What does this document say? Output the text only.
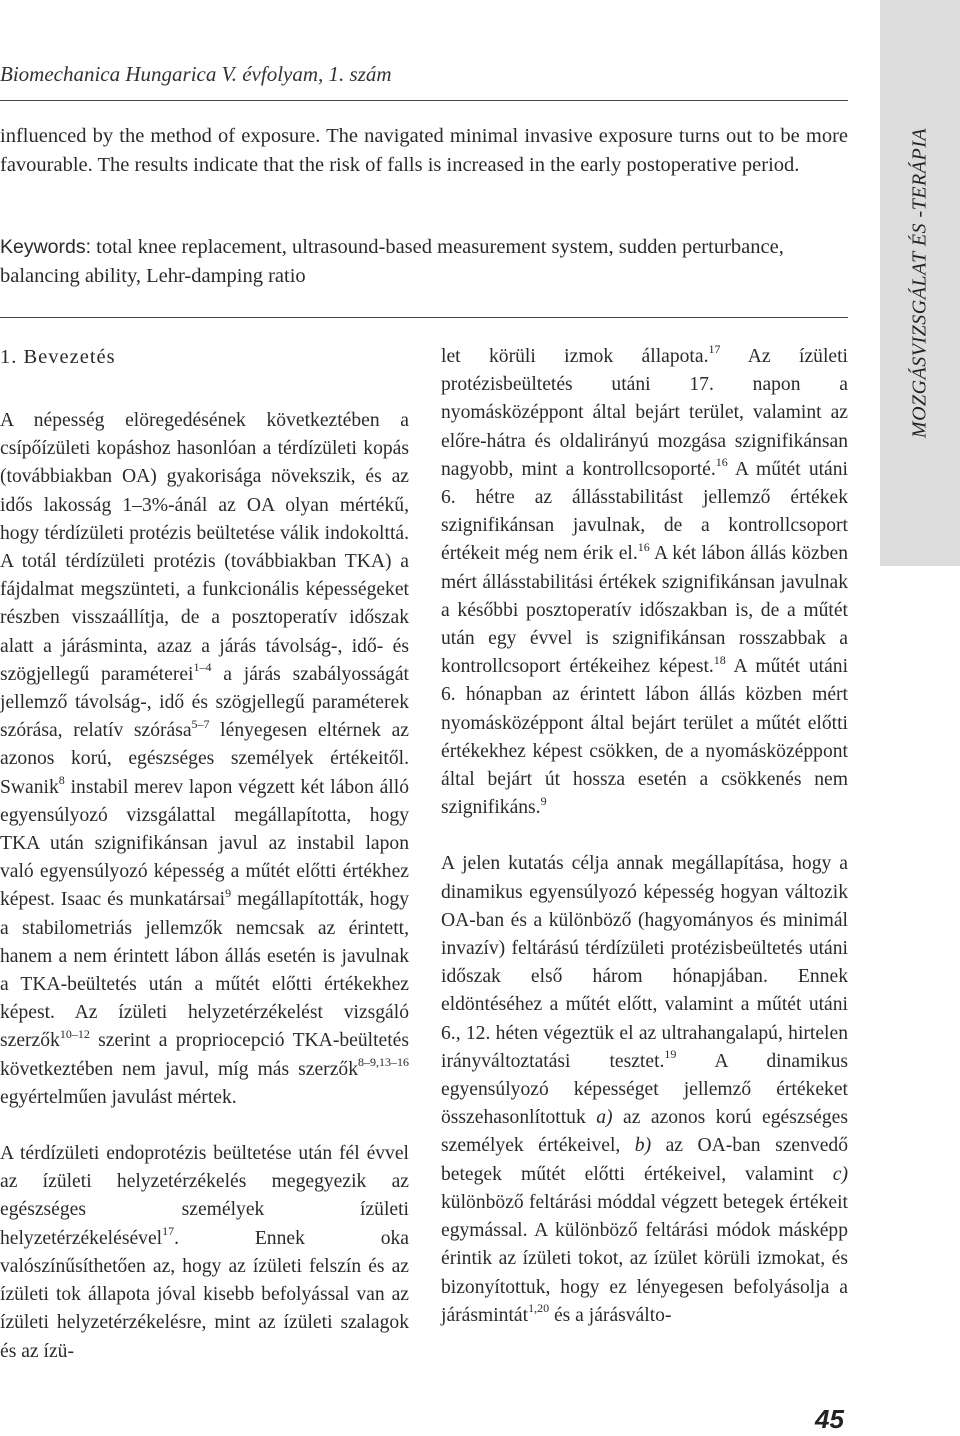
Biomechanica Hungarica V. évfolyam, 1. szám
influenced by the method of exposure. The navigated minimal invasive exposure turns out to be more favourable. The results indicate that the risk of falls is increased in the early postoperative period.
Keywords: total knee replacement, ultrasound-based measurement system, sudden perturbance, balancing ability, Lehr-damping ratio
1. Bevezetés

A népesség elöregedésének következtében a csípőízületi kopáshoz hasonlóan a térdízületi kopás (továbbiakban OA) gyakorisága növekszik, és az idős lakosság 1–3%-ánál az OA olyan mértékű, hogy térdízületi protézis beültetése válik indokolttá. A totál térdízületi protézis (továbbiakban TKA) a fájdalmat megszünteti, a funkcionális képességeket részben visszaállítja, de a posztoperatív időszak alatt a járásminta, azaz a járás távolság-, idő- és szögjellegű paraméterei$^{1-4}$ a járás szabályosságát jellemző távolság-, idő és szögjellegű paraméterek szórása, relatív szórása$^{5-7}$ lényegesen eltérnek az azonos korú, egészséges személyek értékeitől. Swanik$^8$ instabil merev lapon végzett két lábon álló egyensúlyozó vizsgálattal megállapította, hogy TKA után szignifikánsan javul az instabil lapon való egyensúlyozó képesség a műtét előtti értékhez képest. Isaac és munkatársai$^9$ megállapították, hogy a stabilometriás jellemzők nemcsak az érintett, hanem a nem érintett lábon állás esetén is javulnak a TKA-beültetés után a műtét előtti értékekhez képest. Az ízületi helyzetérzékelést vizsgáló szerzők$^{10-12}$ szerint a propriocepció TKA-beültetés következtében nem javul, míg más szerzők$^{8-9,13-16}$ egyértelműen javulást mértek.

A térdízületi endoprotézis beültetése után fél évvel az ízületi helyzetérzékelés megegyezik az egészséges személyek ízületi helyzetérzékelésével$^{17}$. Ennek oka valószínűsíthetően az, hogy az ízületi felszín és az ízületi tok állapota jóval kisebb befolyással van az ízületi helyzetérzékelésre, mint az ízületi szalagok és az ízü-

let körüli izmok állapota.$^{17}$ Az ízületi protézisbeültetés utáni 17. napon a nyomásközéppont által bejárt terület, valamint az előre-hátra és oldalirányú mozgása szignifikánsan nagyobb, mint a kontrollcsoporté.$^{16}$ A műtét utáni 6. hétre az állásstabilitást jellemző értékek szignifikánsan javulnak, de a kontrollcsoport értékeit még nem érik el.$^{16}$ A két lábon állás közben mért állásstabilitási értékek szignifikánsan javulnak a későbbi posztoperatív időszakban is, de a műtét után egy évvel is szignifikánsan rosszabbak a kontrollcsoport értékeihez képest.$^{18}$ A műtét utáni 6. hónapban az érintett lábon állás közben mért nyomásközéppont által bejárt terület a műtét előtti értékekhez képest csökken, de a nyomásközéppont által bejárt út hossza esetén a csökkenés nem szignifikáns.$^9$

A jelen kutatás célja annak megállapítása, hogy a dinamikus egyensúlyozó képesség hogyan változik OA-ban és a különböző (hagyományos és minimál invazív) feltárású térdízületi protézisbeültetés utáni időszak első három hónapjában. Ennek eldöntéséhez a műtét előtt, valamint a műtét utáni 6., 12. héten végeztük el az ultrahangalapú, hirtelen irányváltoztatási tesztet.$^{19}$ A dinamikus egyensúlyozó képességet jellemző értékeket összehasonlítottuk a) az azonos korú egészséges személyek értékeivel, b) az OA-ban szenvedő betegek műtét előtti értékeivel, valamint c) különböző feltárási móddal végzett betegek értékeit egymással. A különböző feltárási módok másképp érintik az ízületi tokot, az ízület körüli izmokat, és bizonyítottuk, hogy ez lényegesen befolyásolja a járásmintát$^{1,20}$ és a járásválto-

MOZGÁSVIZSGÁLAT ÉS -TERÁPIA
45
